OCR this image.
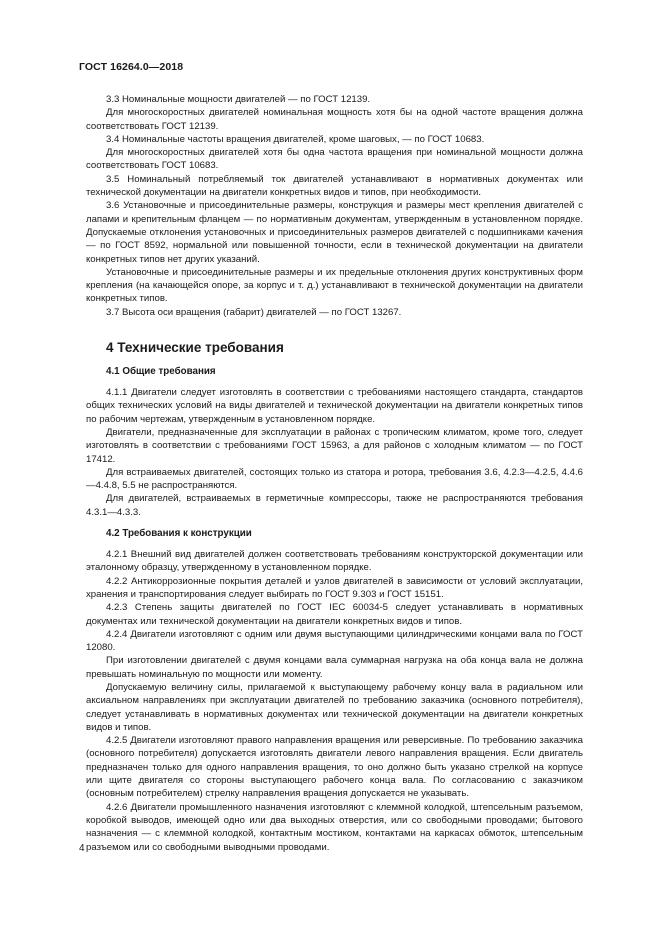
ГОСТ 16264.0—2018

3.3 Номинальные мощности двигателей — по ГОСТ 12139.

Для многоскоростных двигателей номинальная мощность хотя бы на одной частоте вращения должна соответствовать ГОСТ 12139.

3.4 Номинальные частоты вращения двигателей, кроме шаговых, — по ГОСТ 10683.

Для многоскоростных двигателей хотя бы одна частота вращения при номинальной мощности должна соответствовать ГОСТ 10683.

3.5 Номинальный потребляемый ток двигателей устанавливают в нормативных документах или технической документации на двигатели конкретных видов и типов, при необходимости.

3.6 Установочные и присоединительные размеры, конструкция и размеры мест крепления двигателей с лапами и крепительным фланцем — по нормативным документам, утвержденным в установленном порядке. Допускаемые отклонения установочных и присоединительных размеров двигателей с подшипниками качения — по ГОСТ 8592, нормальной или повышенной точности, если в технической документации на двигатели конкретных типов нет других указаний.

Установочные и присоединительные размеры и их предельные отклонения других конструктивных форм крепления (на качающейся опоре, за корпус и т. д.) устанавливают в технической документации на двигатели конкретных типов.

3.7 Высота оси вращения (габарит) двигателей — по ГОСТ 13267.

4 Технические требования
4.1 Общие требования

4.1.1 Двигатели следует изготовлять в соответствии с требованиями настоящего стандарта, стандартов общих технических условий на виды двигателей и технической документации на двигатели конкретных типов по рабочим чертежам, утвержденным в установленном порядке.

Двигатели, предназначенные для эксплуатации в районах с тропическим климатом, кроме того, следует изготовлять в соответствии с требованиями ГОСТ 15963, а для районов с холодным климатом — по ГОСТ 17412.

Для встраиваемых двигателей, состоящих только из статора и ротора, требования 3.6, 4.2.3—4.2.5, 4.4.6—4.4.8, 5.5 не распространяются.

Для двигателей, встраиваемых в герметичные компрессоры, также не распространяются требования 4.3.1—4.3.3.

4.2 Требования к конструкции

4.2.1 Внешний вид двигателей должен соответствовать требованиям конструкторской документации или эталонному образцу, утвержденному в установленном порядке.

4.2.2 Антикоррозионные покрытия деталей и узлов двигателей в зависимости от условий эксплуатации, хранения и транспортирования следует выбирать по ГОСТ 9.303 и ГОСТ 15151.

4.2.3 Степень защиты двигателей по ГОСТ IEC 60034-5 следует устанавливать в нормативных документах или технической документации на двигатели конкретных видов и типов.

4.2.4 Двигатели изготовляют с одним или двумя выступающими цилиндрическими концами вала по ГОСТ 12080.

При изготовлении двигателей с двумя концами вала суммарная нагрузка на оба конца вала не должна превышать номинальную по мощности или моменту.

Допускаемую величину силы, прилагаемой к выступающему рабочему концу вала в радиальном или аксиальном направлениях при эксплуатации двигателей по требованию заказчика (основного потребителя), следует устанавливать в нормативных документах или технической документации на двигатели конкретных видов и типов.

4.2.5 Двигатели изготовляют правого направления вращения или реверсивные. По требованию заказчика (основного потребителя) допускается изготовлять двигатели левого направления вращения. Если двигатель предназначен только для одного направления вращения, то оно должно быть указано стрелкой на корпусе или щите двигателя со стороны выступающего рабочего конца вала. По согласованию с заказчиком (основным потребителем) стрелку направления вращения допускается не указывать.

4.2.6 Двигатели промышленного назначения изготовляют с клеммной колодкой, штепсельным разъемом, коробкой выводов, имеющей одно или два выходных отверстия, или со свободными проводами; бытового назначения — с клеммной колодкой, контактным мостиком, контактами на каркасах обмоток, штепсельным разъемом или со свободными выводными проводами.

4
